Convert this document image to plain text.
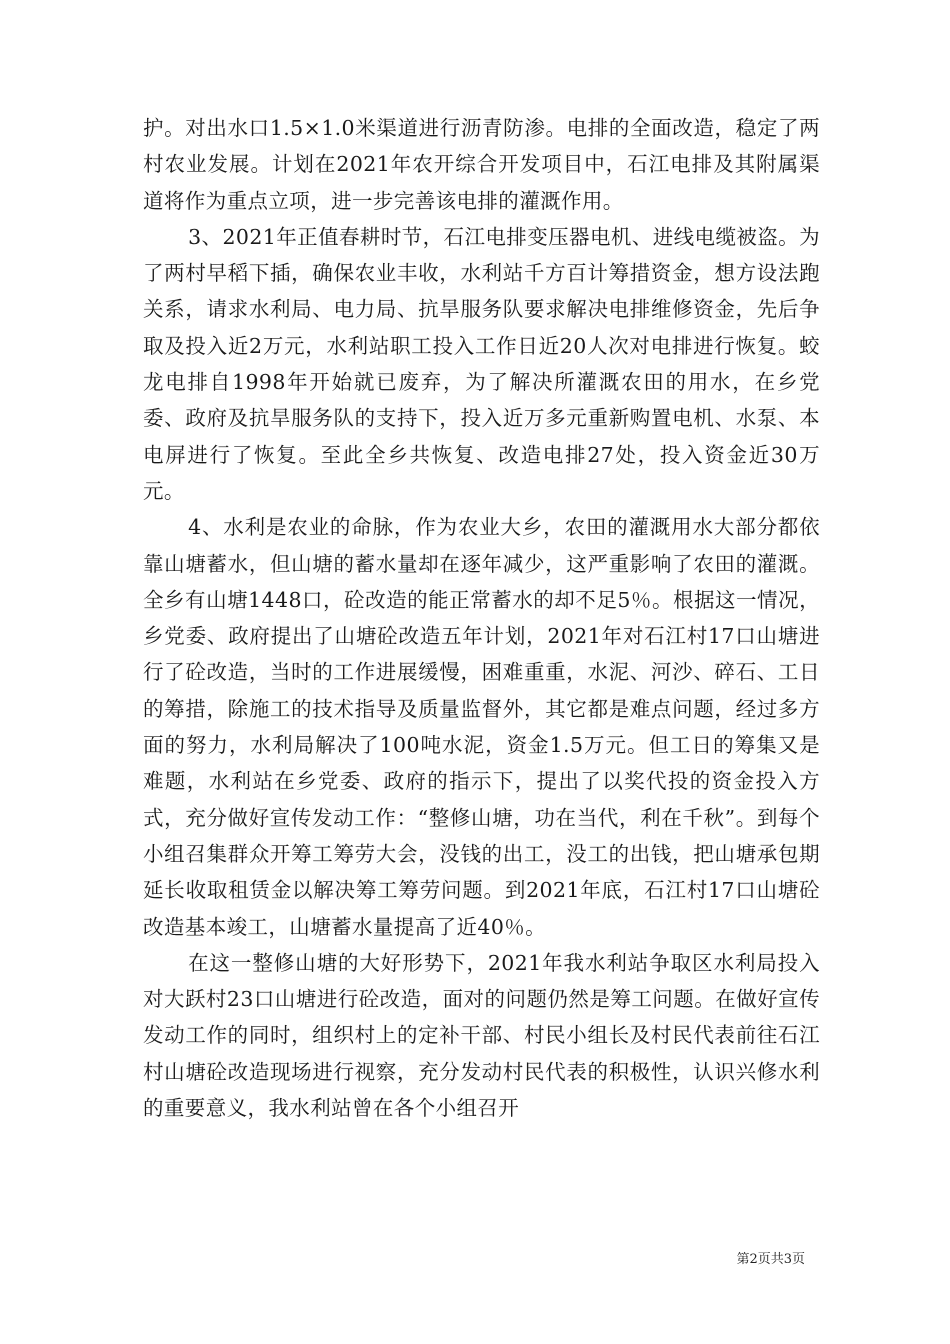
护。对出水口1.5×1.0米渠道进行沥青防渗。电排的全面改造，稳定了两村农业发展。计划在2021年农开综合开发项目中，石江电排及其附属渠道将作为重点立项，进一步完善该电排的灌溉作用。

3、2021年正值春耕时节，石江电排变压器电机、进线电缆被盗。为了两村早稻下插，确保农业丰收，水利站千方百计筹措资金，想方设法跑关系，请求水利局、电力局、抗旱服务队要求解决电排维修资金，先后争取及投入近2万元，水利站职工投入工作日近20人次对电排进行恢复。蛟龙电排自1998年开始就已废弃，为了解决所灌溉农田的用水，在乡党委、政府及抗旱服务队的支持下，投入近万多元重新购置电机、水泵、本电屏进行了恢复。至此全乡共恢复、改造电排27处，投入资金近30万元。

4、水利是农业的命脉，作为农业大乡，农田的灌溉用水大部分都依靠山塘蓄水，但山塘的蓄水量却在逐年减少，这严重影响了农田的灌溉。全乡有山塘1448口，砼改造的能正常蓄水的却不足5％。根据这一情况，乡党委、政府提出了山塘砼改造五年计划，2021年对石江村17口山塘进行了砼改造，当时的工作进展缓慢，困难重重，水泥、河沙、碎石、工日的筹措，除施工的技术指导及质量监督外，其它都是难点问题，经过多方面的努力，水利局解决了100吨水泥，资金1.5万元。但工日的筹集又是难题，水利站在乡党委、政府的指示下，提出了以奖代投的资金投入方式，充分做好宣传发动工作：“整修山塘，功在当代，利在千秋”。到每个小组召集群众开筹工筹劳大会，没钱的出工，没工的出钱，把山塘承包期延长收取租赁金以解决筹工筹劳问题。到2021年底，石江村17口山塘砼改造基本竣工，山塘蓄水量提高了近40％。

在这一整修山塘的大好形势下，2021年我水利站争取区水利局投入对大跃村23口山塘进行砼改造，面对的问题仍然是筹工问题。在做好宣传发动工作的同时，组织村上的定补干部、村民小组长及村民代表前往石江村山塘砼改造现场进行视察，充分发动村民代表的积极性，认识兴修水利的重要意义，我水利站曾在各个小组召开

第2页共3页
